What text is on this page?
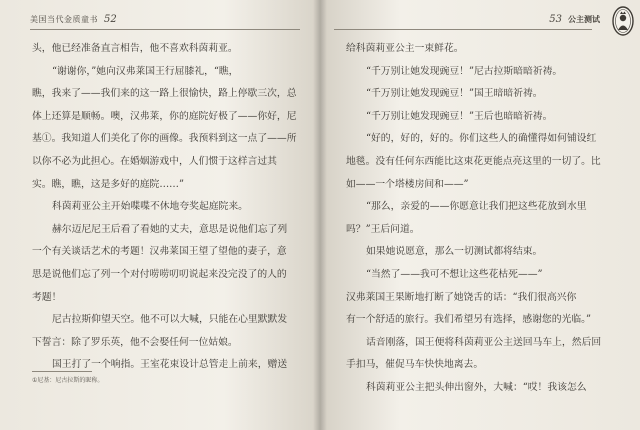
美国当代金质童书 52
头，他已经准备直言相告，他不喜欢科茵莉亚。
“谢谢你，”她向汉弗莱国王行屈膝礼，“瞧，
瞧，我来了——我们来的这一路上很愉快，路上停歇三次，总
体上还算是顺畅。噢，汉弗莱，你的庭院好极了——你好，尼
基①。我知道人们美化了你的画像。我预料到这一点了——所
以你不必为此担心。在婚姻游戏中，人们惯于这样言过其
实。瞧，瞧，这是多好的庭院……”
科茵莉亚公主开始喋喋不休地夸奖起庭院来。
赫尔迈尼尼王后看了看她的丈夫，意思是说他们忘了列
一个有关谈话艺术的考题！汉弗莱国王望了望他的妻子，意
思是说他们忘了列一个对付唠唠叨叨说起来没完没了的人的
考题！
尼古拉斯仰望天空。他不可以大喊，只能在心里默默发
下誓言：除了罗乐英，他不会娶任何一位姑娘。
国王打了一个响指。王室花束设计总管走上前来，赠送
①尼基：尼古拉斯的昵称。
53 公主测试
给科茵莉亚公主一束鲜花。
“千万别让她发现豌豆！”尼古拉斯暗暗祈祷。
“千万别让她发现豌豆！”国王暗暗祈祷。
“千万别让她发现豌豆！”王后也暗暗祈祷。
“好的，好的，好的。你们这些人的确懂得如何铺设红
地毯。没有任何东西能比这束花更能点亮这里的一切了。比
如——一个塔楼房间和——”
“那么，亲爱的——你愿意让我们把这些花放到水里
吗？”王后问道。
如果她说愿意，那么一切测试都将结束。
“当然了——我可不想让这些花枯死——”
汉弗莱国王果断地打断了她饶舌的话：“我们很高兴你
有一个舒适的旅行。我们希望另有选择，感谢您的光临。”
话音刚落，国王便将科茵莉亚公主送回马车上，然后回
手扣马，催促马车快快地离去。
科茵莉亚公主把头伸出窗外，大喊：“哎！我该怎么
